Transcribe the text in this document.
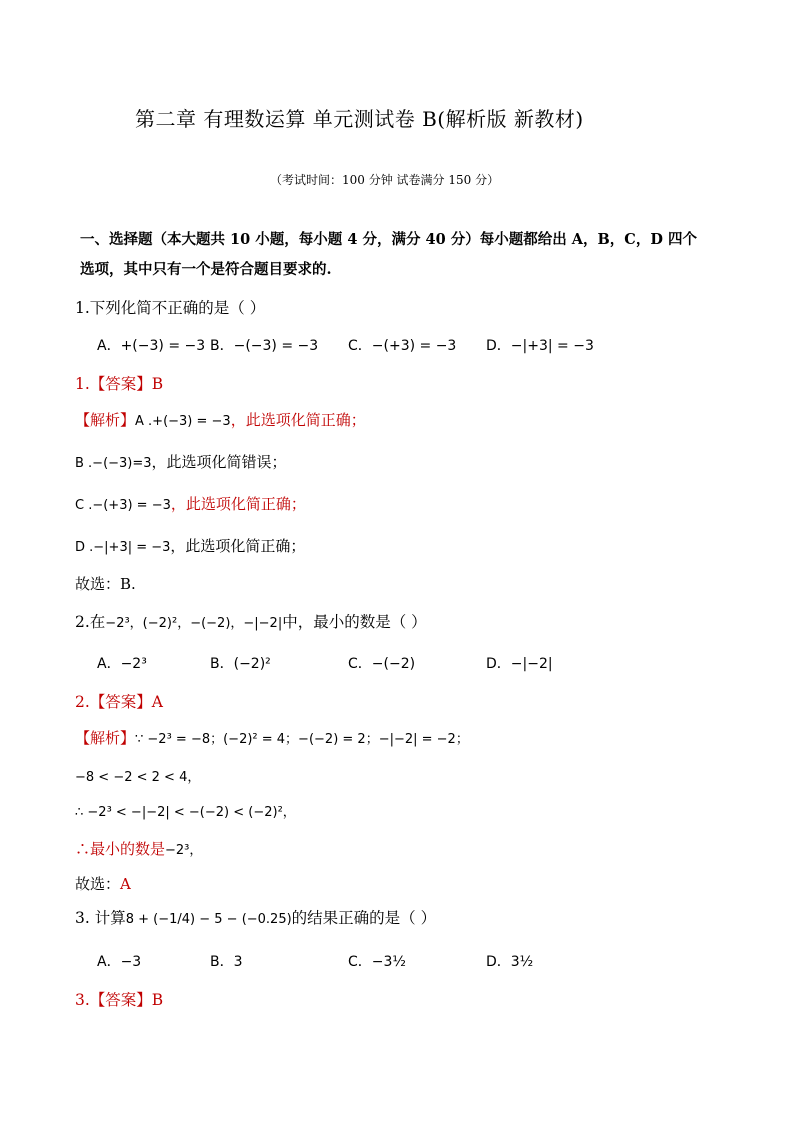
第二章 有理数运算 单元测试卷 B(解析版 新教材)
（考试时间：100 分钟 试卷满分 150 分）
一、选择题（本大题共 10 小题，每小题 4 分，满分 40 分）每小题都给出 A，B，C，D 四个
选项，其中只有一个是符合题目要求的.
1.下列化简不正确的是（ ）
A．+(−3) = −3 B．−(−3) = −3 C．−(+3) = −3 D．−|+3| = −3
1.【答案】B
【解析】A .+(−3) = −3，此选项化简正确；
B .−(−3)=3，此选项化简错误；
C .−(+3) = −3，此选项化简正确；
D .−|+3| = −3，此选项化简正确；
故选：B.
2.在−2³，(−2)²，−(−2)，−|−2|中，最小的数是（ ）
A．−2³	B．(−2)²	C．−(−2)	D．−|−2|
2.【答案】A
【解析】∵ −2³ = −8；(−2)² = 4；−(−2) = 2；−|−2| = −2；
−8 < −2 < 2 < 4，
∴ −2³ < −|−2| < −(−2) < (−2)²，
∴最小的数是−2³，
故选：A
3. 计算8 + (−1/4) − 5 − (−0.25)的结果正确的是（ ）
A．−3	B．3	C．−3½	D．3½
3.【答案】B
